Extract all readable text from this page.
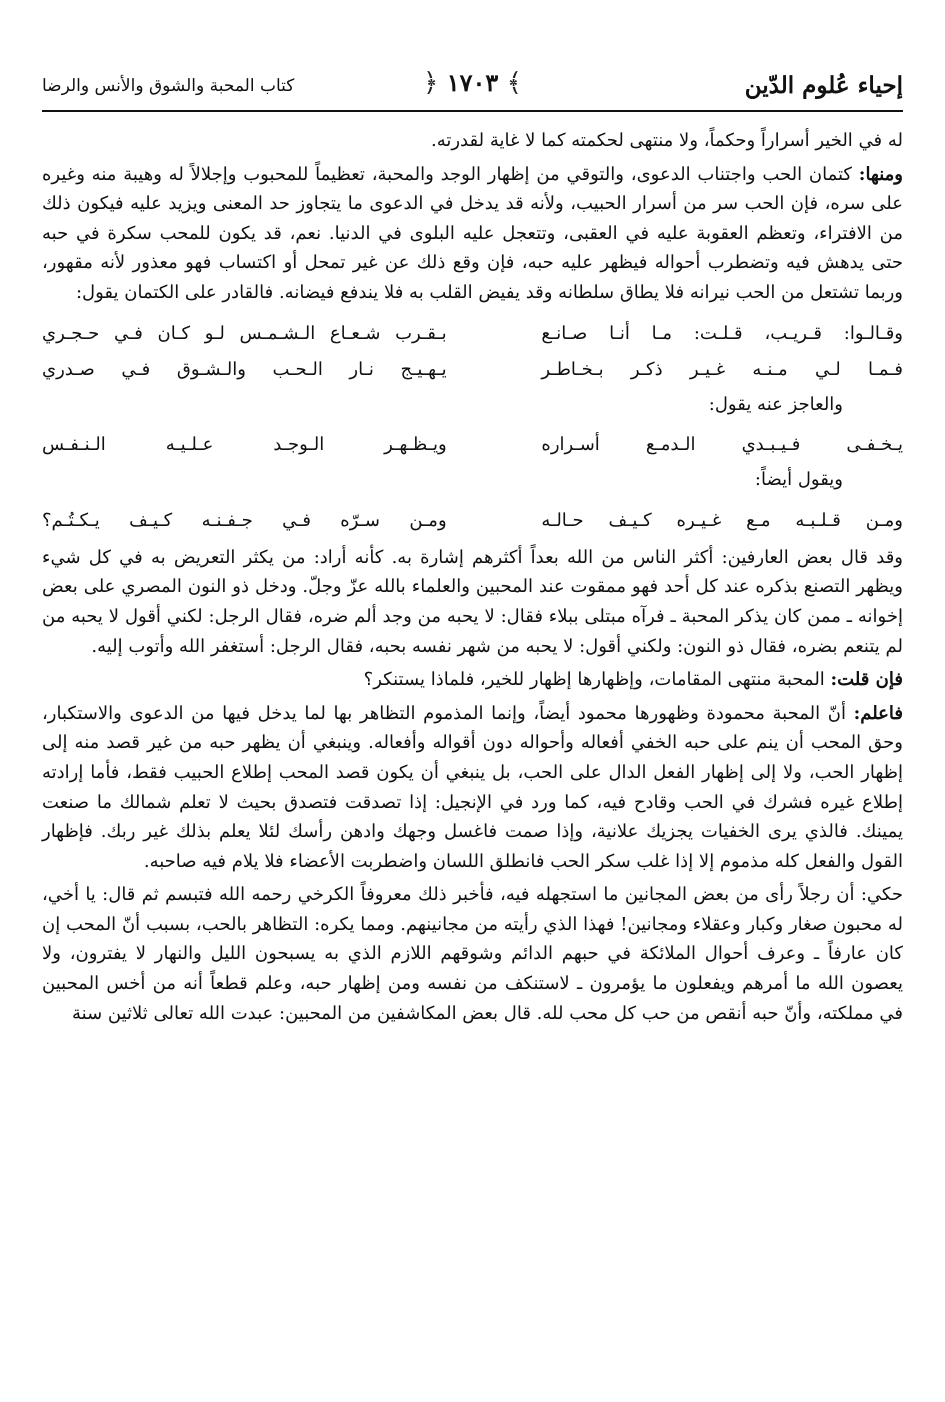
إحياء عُلوم الدّين
﴾ ١٧٠٣ ﴿
كتاب المحبة والشوق والأنس والرضا

له في الخير أسراراً وحكماً، ولا منتهى لحكمته كما لا غاية لقدرته.

ومنها: كتمان الحب واجتناب الدعوى، والتوقي من إظهار الوجد والمحبة، تعظيماً للمحبوب وإجلالاً له وهيبة منه وغيره على سره، فإن الحب سر من أسرار الحبيب، ولأنه قد يدخل في الدعوى ما يتجاوز حد المعنى ويزيد عليه فيكون ذلك من الافتراء، وتعظم العقوبة عليه في العقبى، وتتعجل عليه البلوى في الدنيا. نعم، قد يكون للمحب سكرة في حبه حتى يدهش فيه وتضطرب أحواله فيظهر عليه حبه، فإن وقع ذلك عن غير تمحل أو اكتساب فهو معذور لأنه مقهور، وربما تشتعل من الحب نيرانه فلا يطاق سلطانه وقد يفيض القلب به فلا يندفع فيضانه. فالقادر على الكتمان يقول:

وقـالـوا: قـريـب، قـلـت: مـا أنـا صـانـع
بـقـرب شـعـاع الـشـمـس لـو كـان فـي حـجـري
فـمـا لـي مـنـه غـيـر ذكـر بـخـاطـر
يـهـيـج نـار الـحـب والـشـوق فـي صـدري

والعاجز عنه يقول:

يـخـفـى فـيـبـدي الـدمـع أسـراره
ويـظـهـر الـوجـد عـلـيـه الـنـفـس

ويقول أيضاً:

ومـن قـلـبـه مـع غـيـره كـيـف حـالـه
ومـن سـرّه فـي جـفـنـه كـيـف يـكـتُـم؟

وقد قال بعض العارفين: أكثر الناس من الله بعداً أكثرهم إشارة به. كأنه أراد: من يكثر التعريض به في كل شيء ويظهر التصنع بذكره عند كل أحد فهو ممقوت عند المحبين والعلماء بالله عزّ وجلّ. ودخل ذو النون المصري على بعض إخوانه ـ ممن كان يذكر المحبة ـ فرآه مبتلى ببلاء فقال: لا يحبه من وجد ألم ضره، فقال الرجل: لكني أقول لا يحبه من لم يتنعم بضره، فقال ذو النون: ولكني أقول: لا يحبه من شهر نفسه بحبه، فقال الرجل: أستغفر الله وأتوب إليه.

فإن قلت: المحبة منتهى المقامات، وإظهارها إظهار للخير، فلماذا يستنكر؟

فاعلم: أنّ المحبة محمودة وظهورها محمود أيضاً، وإنما المذموم التظاهر بها لما يدخل فيها من الدعوى والاستكبار، وحق المحب أن ينم على حبه الخفي أفعاله وأحواله دون أقواله وأفعاله. وينبغي أن يظهر حبه من غير قصد منه إلى إظهار الحب، ولا إلى إظهار الفعل الدال على الحب، بل ينبغي أن يكون قصد المحب إطلاع الحبيب فقط، فأما إرادته إطلاع غيره فشرك في الحب وقادح فيه، كما ورد في الإنجيل: إذا تصدقت فتصدق بحيث لا تعلم شمالك ما صنعت يمينك. فالذي يرى الخفيات يجزيك علانية، وإذا صمت فاغسل وجهك وادهن رأسك لئلا يعلم بذلك غير ربك. فإظهار القول والفعل كله مذموم إلا إذا غلب سكر الحب فانطلق اللسان واضطربت الأعضاء فلا يلام فيه صاحبه.

حكي: أن رجلاً رأى من بعض المجانين ما استجهله فيه، فأخبر ذلك معروفاً الكرخي رحمه الله فتبسم ثم قال: يا أخي، له محبون صغار وكبار وعقلاء ومجانين! فهذا الذي رأيته من مجانينهم. ومما يكره: التظاهر بالحب، بسبب أنّ المحب إن كان عارفاً ـ وعرف أحوال الملائكة في حبهم الدائم وشوقهم اللازم الذي به يسبحون الليل والنهار لا يفترون، ولا يعصون الله ما أمرهم ويفعلون ما يؤمرون ـ لاستنكف من نفسه ومن إظهار حبه، وعلم قطعاً أنه من أخس المحبين في مملكته، وأنّ حبه أنقص من حب كل محب لله. قال بعض المكاشفين من المحبين: عبدت الله تعالى ثلاثين سنة
